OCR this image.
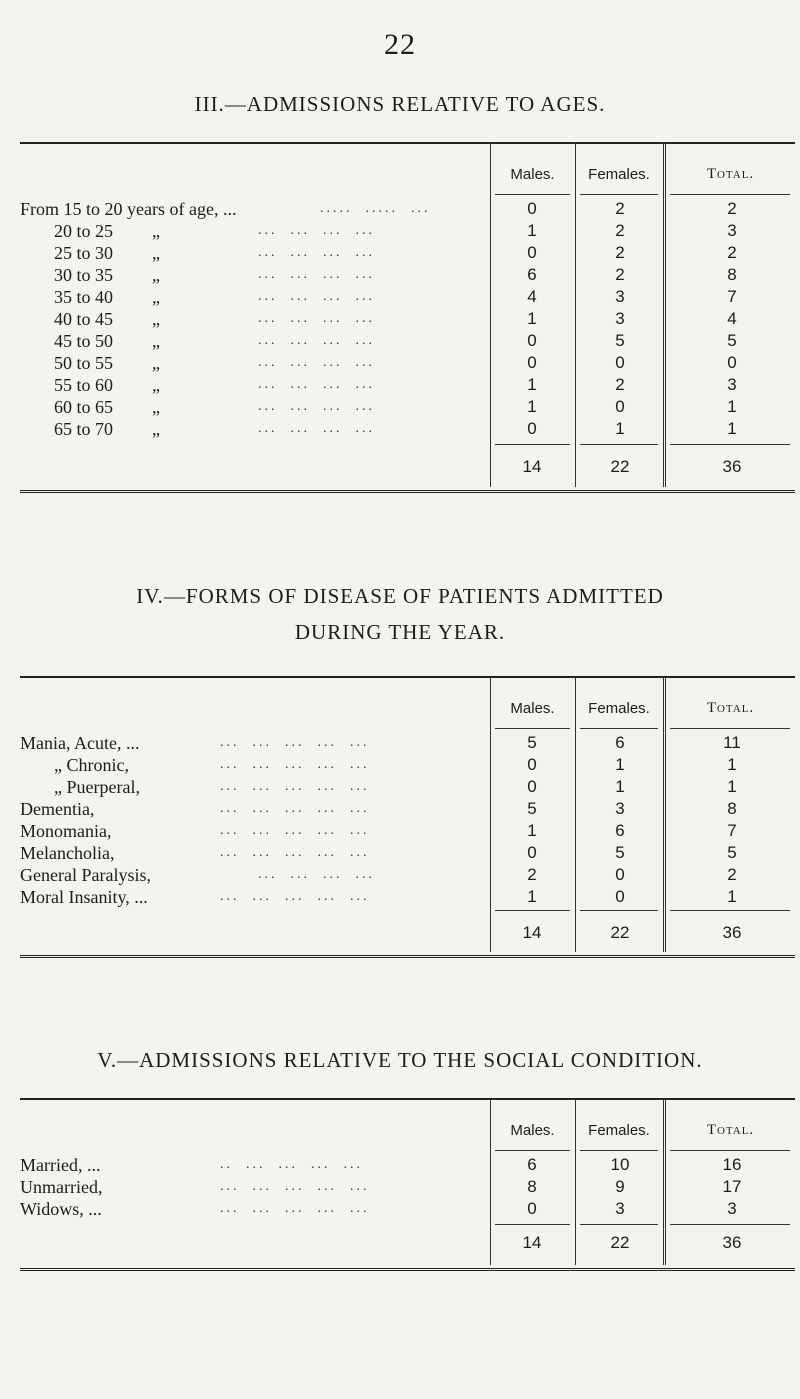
22
III.—ADMISSIONS RELATIVE TO AGES.
Males.	Females.	Total.
From 15 to 20 years of age, ...	.....  .....  ...	0	2	2
20 to 25 „	...  ...  ...  ...	1	2	3
25 to 30 „	...  ...  ...  ...	0	2	2
30 to 35 „	...  ...  ...  ...	6	2	8
35 to 40 „	...  ...  ...  ...	4	3	7
40 to 45 „	...  ...  ...  ...	1	3	4
45 to 50 „	...  ...  ...  ...	0	5	5
50 to 55 „	...  ...  ...  ...	0	0	0
55 to 60 „	...  ...  ...  ...	1	2	3
60 to 65 „	...  ...  ...  ...	1	0	1
65 to 70 „	...  ...  ...  ...	0	1	1
14	22	36
IV.—FORMS OF DISEASE OF PATIENTS ADMITTED
DURING THE YEAR.
Males.	Females.	Total.
Mania, Acute, ...	...  ...  ...  ...  ...	5	6	11
„ Chronic,	...  ...  ...  ...  ...	0	1	1
„ Puerperal,	...  ...  ...  ...  ...	0	1	1
Dementia,	...  ...  ...  ...  ...	5	3	8
Monomania,	...  ...  ...  ...  ...	1	6	7
Melancholia,	...  ...  ...  ...  ...	0	5	5
General Paralysis,	...  ...  ...  ...	2	0	2
Moral Insanity, ...	...  ...  ...  ...  ...	1	0	1
14	22	36
V.—ADMISSIONS RELATIVE TO THE SOCIAL CONDITION.
Males.	Females.	Total.
Married, ...	..  ...  ...  ...  ...	6	10	16
Unmarried,	...  ...  ...  ...  ...	8	9	17
Widows, ...	...  ...  ...  ...  ...	0	3	3
14	22	36
